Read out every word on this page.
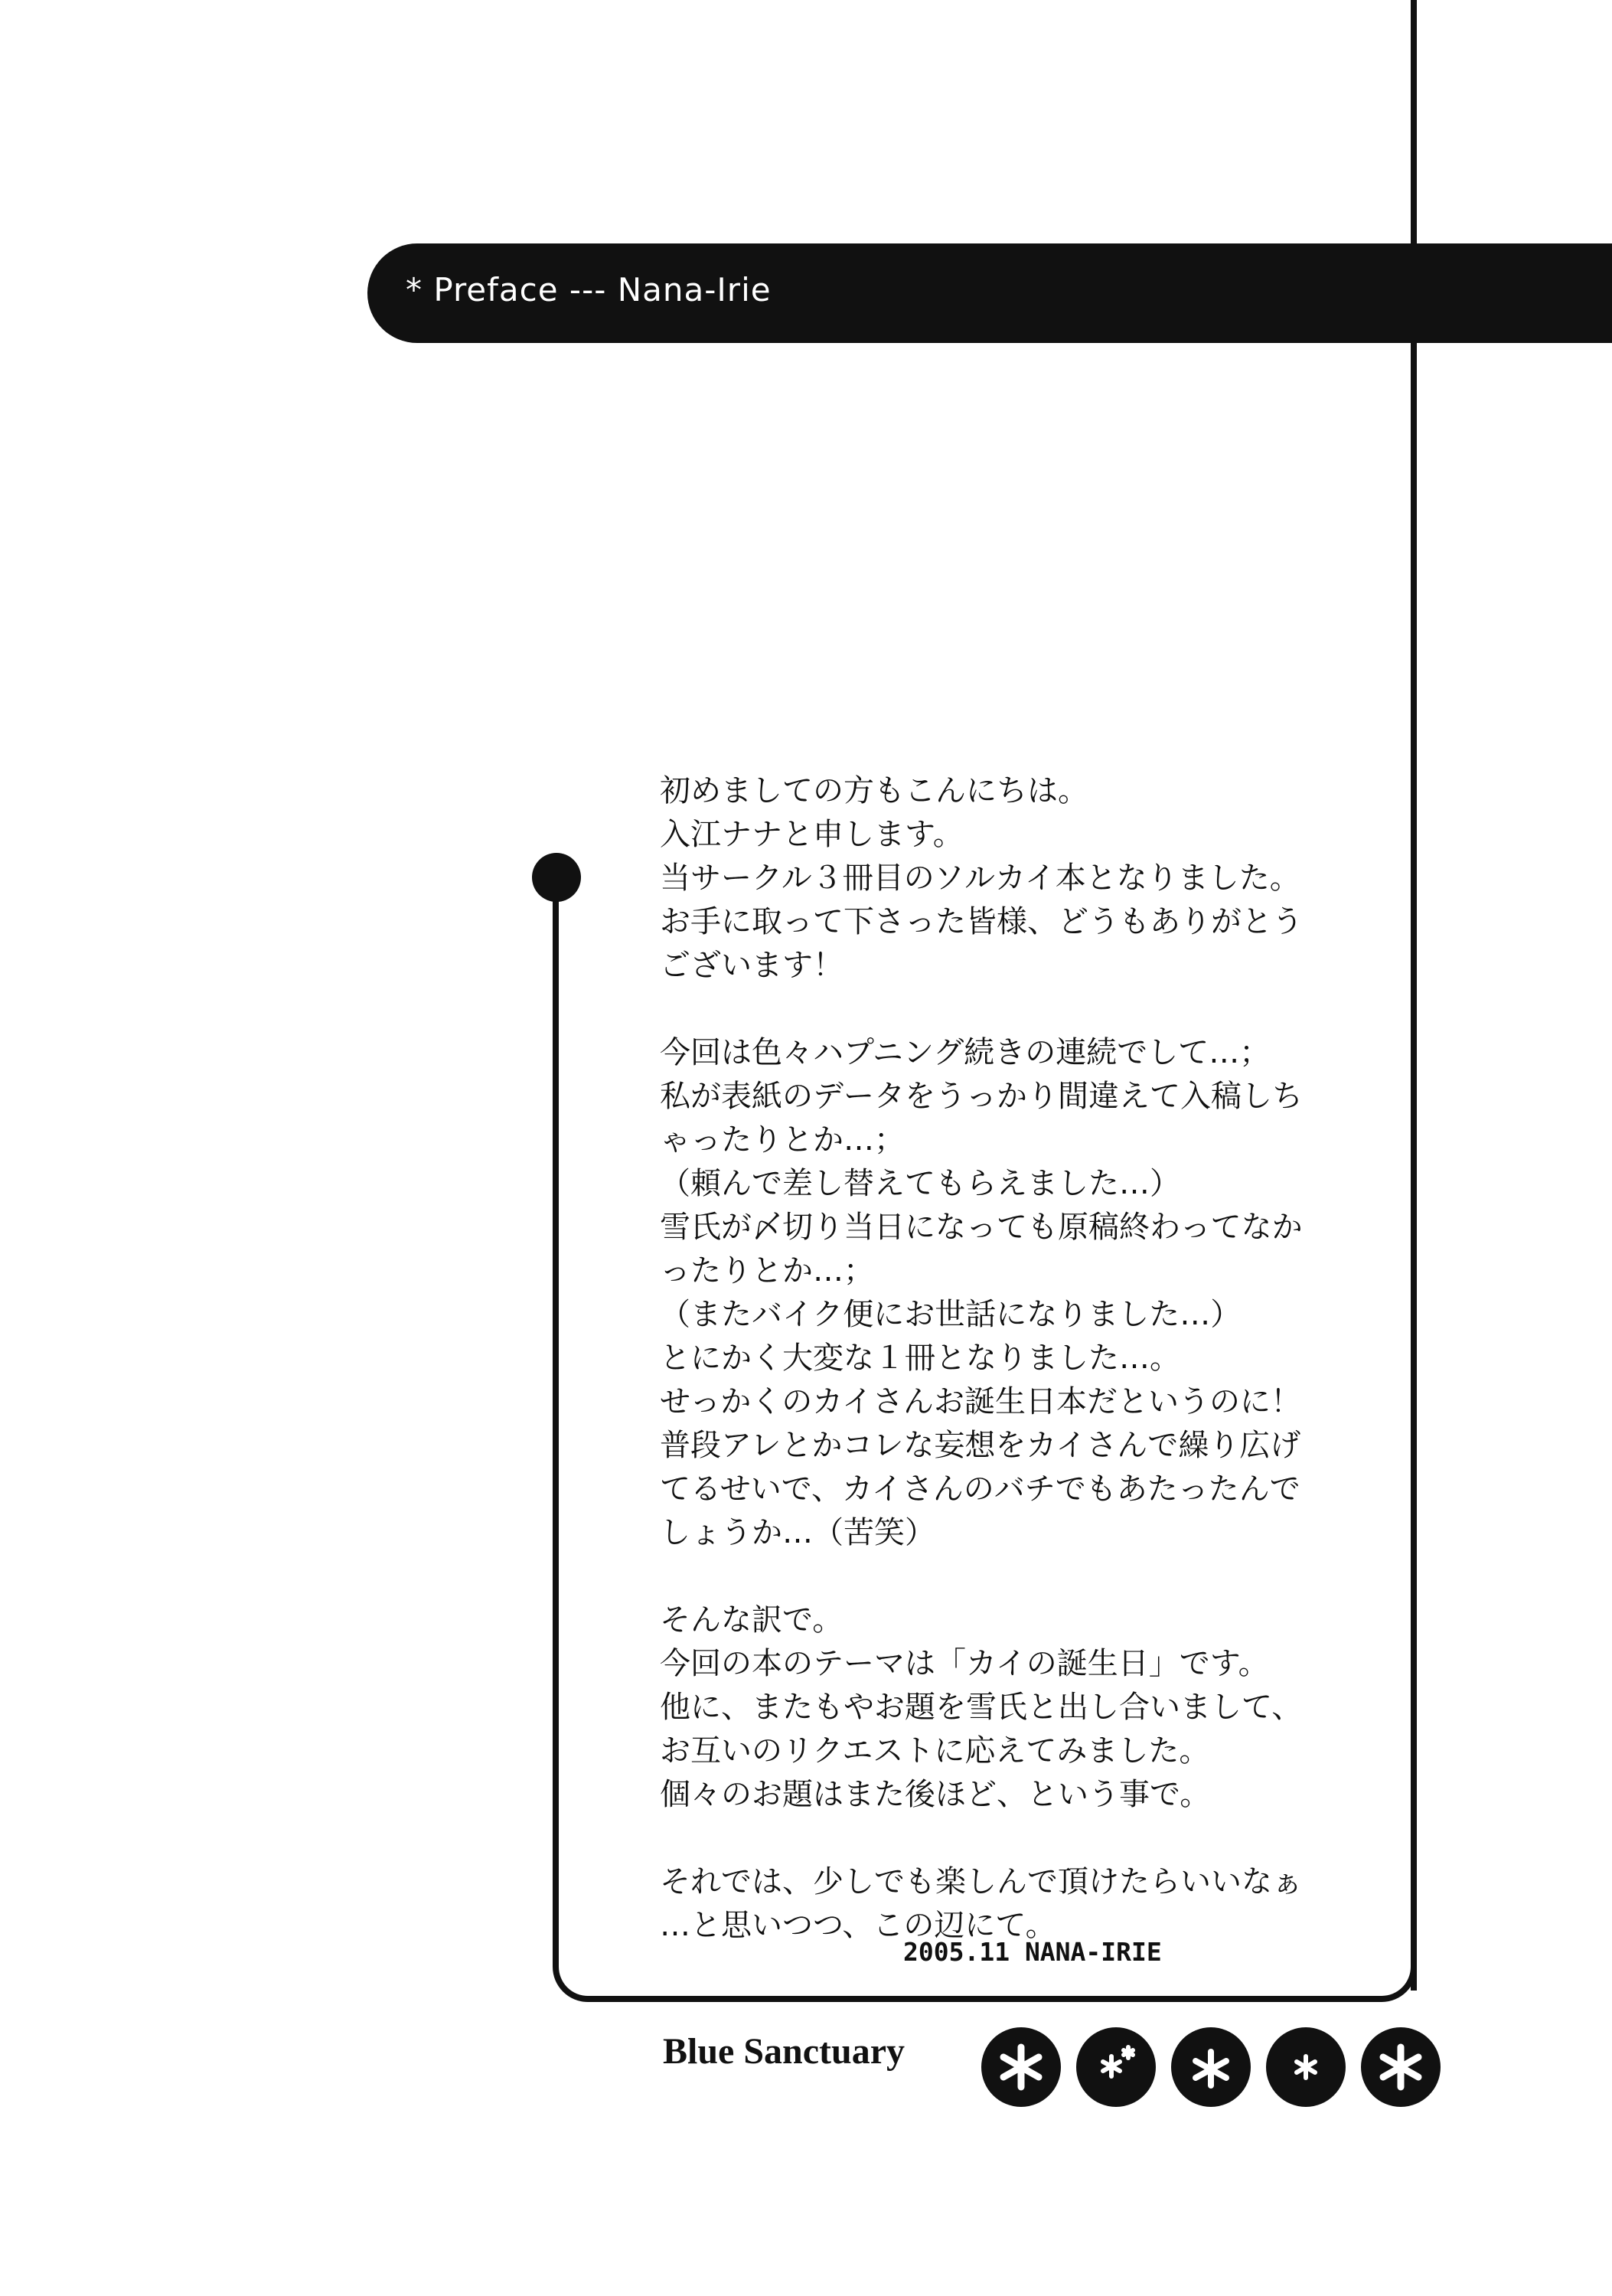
* Preface --- Nana-Irie

初めましての方もこんにちは。

入江ナナと申します。

当サークル３冊目のソルカイ本となりました。

お手に取って下さった皆様、どうもありがとう

ございます！

今回は色々ハプニング続きの連続でして…；

私が表紙のデータをうっかり間違えて入稿しち

ゃったりとか…；

（頼んで差し替えてもらえました…）

雪氏が〆切り当日になっても原稿終わってなか

ったりとか…；

（またバイク便にお世話になりました…）

とにかく大変な１冊となりました…。

せっかくのカイさんお誕生日本だというのに！

普段アレとかコレな妄想をカイさんで繰り広げ

てるせいで、カイさんのバチでもあたったんで

しょうか…（苦笑）

そんな訳で。

今回の本のテーマは「カイの誕生日」です。

他に、またもやお題を雪氏と出し合いまして、

お互いのリクエストに応えてみました。

個々のお題はまた後ほど、という事で。

それでは、少しでも楽しんで頂けたらいいなぁ

…と思いつつ、この辺にて。

2005.11 NANA-IRIE
Blue Sanctuary
